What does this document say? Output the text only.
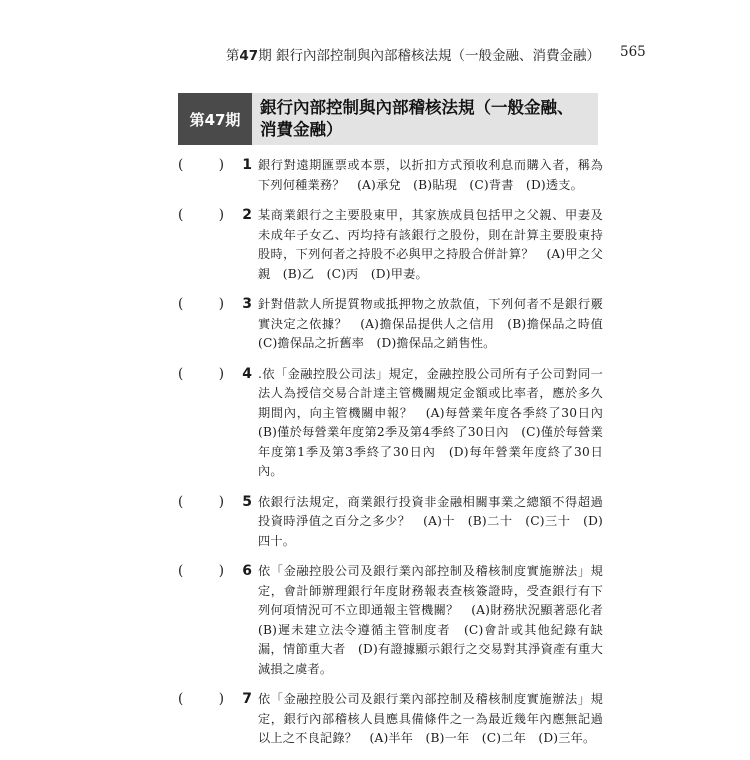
第47期 銀行內部控制與內部稽核法規（一般金融、消費金融） 565
第47期
銀行內部控制與內部稽核法規（一般金融、消費金融）
(	)	1 銀行對遠期匯票或本票，以折扣方式預收利息而購入者，稱為下列何種業務？　(A)承兌　(B)貼現　(C)背書　(D)透支。
(	)	2 某商業銀行之主要股東甲，其家族成員包括甲之父親、甲妻及未成年子女乙、丙均持有該銀行之股份，則在計算主要股東持股時，下列何者之持股不必與甲之持股合併計算？　(A)甲之父親　(B)乙　(C)丙　(D)甲妻。
(	)	3 針對借款人所提質物或抵押物之放款值，下列何者不是銀行覈實決定之依據？　(A)擔保品提供人之信用　(B)擔保品之時值　(C)擔保品之折舊率　(D)擔保品之銷售性。
(	)	4 .依「金融控股公司法」規定，金融控股公司所有子公司對同一法人為授信交易合計達主管機關規定金額或比率者，應於多久期間內，向主管機關申報？　(A)每營業年度各季終了30日內　(B)僅於每營業年度第2季及第4季終了30日內　(C)僅於每營業年度第1季及第3季終了30日內　(D)每年營業年度終了30日內。
(	)	5 依銀行法規定，商業銀行投資非金融相關事業之總額不得超過投資時淨值之百分之多少？　(A)十　(B)二十　(C)三十　(D)四十。
(	)	6 依「金融控股公司及銀行業內部控制及稽核制度實施辦法」規定，會計師辦理銀行年度財務報表查核簽證時，受查銀行有下列何項情況可不立即通報主管機關？　(A)財務狀況顯著惡化者　(B)遲未建立法令遵循主管制度者　(C)會計或其他紀錄有缺漏，情節重大者　(D)有證據顯示銀行之交易對其淨資產有重大減損之虞者。
(	)	7 依「金融控股公司及銀行業內部控制及稽核制度實施辦法」規定，銀行內部稽核人員應具備條件之一為最近幾年內應無記過以上之不良記錄？　(A)半年　(B)一年　(C)二年　(D)三年。
